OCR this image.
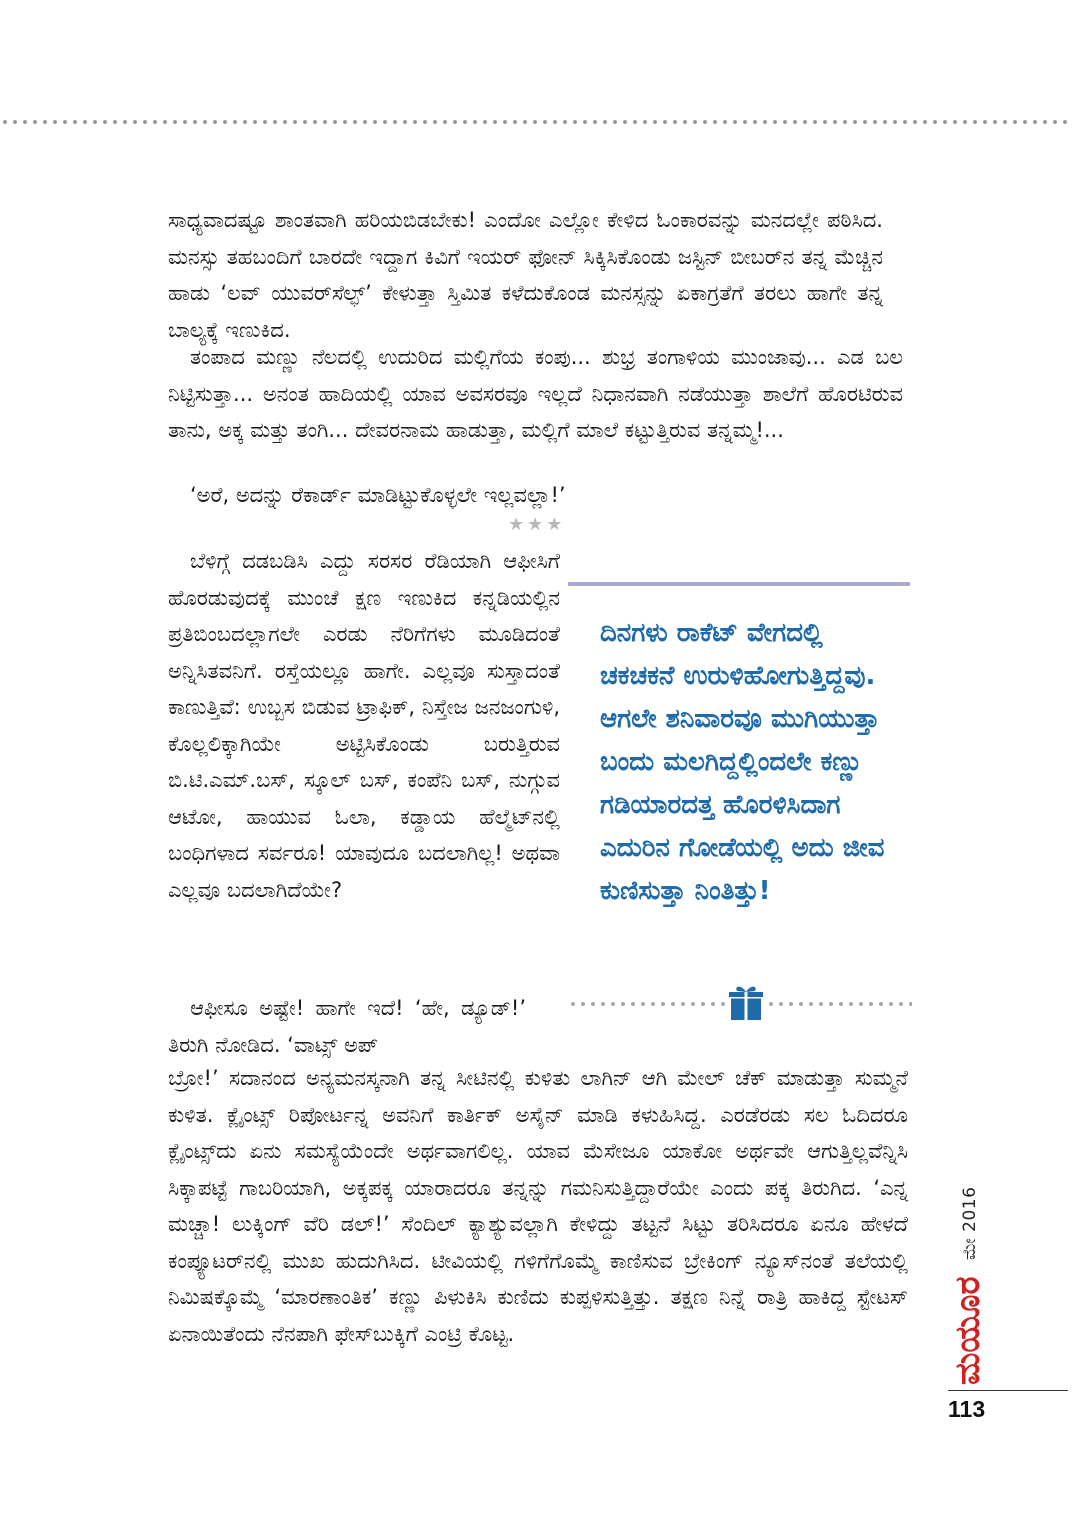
ಸಾಧ್ಯವಾದಷ್ಟೂ ಶಾಂತವಾಗಿ ಹರಿಯಬಿಡಬೇಕು! ಎಂದೋ ಎಲ್ಲೋ ಕೇಳಿದ ಓಂಕಾರವನ್ನು ಮನದಲ್ಲೇ ಪಠಿಸಿದ. ಮನಸ್ಸು ತಹಬಂದಿಗೆ ಬಾರದೇ ಇದ್ದಾಗ ಕಿವಿಗೆ ಇಯರ್ ಫೋನ್ ಸಿಕ್ಕಿಸಿಕೊಂಡು ಜಸ್ಟಿನ್ ಬೀಬರ್‌ನ ತನ್ನ ಮೆಚ್ಚಿನ ಹಾಡು ‘ಲವ್ ಯುವರ್‌ಸೆಲ್ಫ್’ ಕೇಳುತ್ತಾ ಸ್ತಿಮಿತ ಕಳೆದುಕೊಂಡ ಮನಸ್ಸನ್ನು ಏಕಾಗ್ರತೆಗೆ ತರಲು ಹಾಗೇ ತನ್ನ ಬಾಲ್ಯಕ್ಕೆ ಇಣುಕಿದ.

ತಂಪಾದ ಮಣ್ಣು ನೆಲದಲ್ಲಿ ಉದುರಿದ ಮಲ್ಲಿಗೆಯ ಕಂಪು... ಶುಭ್ರ ತಂಗಾಳಿಯ ಮುಂಜಾವು... ಎಡ ಬಲ ನಿಟ್ಟಿಸುತ್ತಾ... ಅನಂತ ಹಾದಿಯಲ್ಲಿ ಯಾವ ಅವಸರವೂ ಇಲ್ಲದೆ ನಿಧಾನವಾಗಿ ನಡೆಯುತ್ತಾ ಶಾಲೆಗೆ ಹೊರಟಿರುವ ತಾನು, ಅಕ್ಕ ಮತ್ತು ತಂಗಿ... ದೇವರನಾಮ ಹಾಡುತ್ತಾ, ಮಲ್ಲಿಗೆ ಮಾಲೆ ಕಟ್ಟುತ್ತಿರುವ ತನ್ನಮ್ಮ!...

‘ಅರೆ, ಅದನ್ನು ರೆಕಾರ್ಡ್ ಮಾಡಿಟ್ಟುಕೊಳ್ಳಲೇ ಇಲ್ಲವಲ್ಲಾ!’

★★★

ಬೆಳಿಗ್ಗೆ ದಡಬಡಿಸಿ ಎದ್ದು ಸರಸರ ರೆಡಿಯಾಗಿ ಆಫೀಸಿಗೆ ಹೊರಡುವುದಕ್ಕೆ ಮುಂಚೆ ಕ್ಷಣ ಇಣುಕಿದ ಕನ್ನಡಿಯಲ್ಲಿನ ಪ್ರತಿಬಿಂಬದಲ್ಲಾಗಲೇ ಎರಡು ನೆರಿಗೆಗಳು ಮೂಡಿದಂತೆ ಅನ್ನಿಸಿತವನಿಗೆ. ರಸ್ತೆಯಲ್ಲೂ ಹಾಗೇ. ಎಲ್ಲವೂ ಸುಸ್ತಾದಂತೆ ಕಾಣುತ್ತಿವೆ: ಉಬ್ಬಸ ಬಿಡುವ ಟ್ರಾಫಿಕ್, ನಿಸ್ತೇಜ ಜನಜಂಗುಳಿ, ಕೊಲ್ಲಲಿಕ್ಕಾಗಿಯೇ ಅಟ್ಟಿಸಿಕೊಂಡು ಬರುತ್ತಿರುವ ಬಿ.ಟಿ.ಎಮ್.ಬಸ್, ಸ್ಕೂಲ್ ಬಸ್, ಕಂಪೆನಿ ಬಸ್, ನುಗ್ಗುವ ಆಟೋ, ಹಾಯುವ ಓಲಾ, ಕಡ್ಡಾಯ ಹೆಲ್ಮೆಟ್‌ನಲ್ಲಿ ಬಂಧಿಗಳಾದ ಸರ್ವರೂ! ಯಾವುದೂ ಬದಲಾಗಿಲ್ಲ! ಅಥವಾ ಎಲ್ಲವೂ ಬದಲಾಗಿದೆಯೇ?

ಆಫೀಸೂ ಅಷ್ಟೇ! ಹಾಗೇ ಇದೆ! ‘ಹೇ, ಡ್ಯೂಡ್!’ ತಿರುಗಿ ನೋಡಿದ. ‘ವಾಟ್ಸ್ ಅಪ್

ಬ್ರೋ!’ ಸದಾನಂದ ಅನ್ಯಮನಸ್ಕನಾಗಿ ತನ್ನ ಸೀಟಿನಲ್ಲಿ ಕುಳಿತು ಲಾಗಿನ್ ಆಗಿ ಮೇಲ್ ಚೆಕ್ ಮಾಡುತ್ತಾ ಸುಮ್ಮನೆ ಕುಳಿತ. ಕ್ಲೈಂಟ್ಸ್ ರಿಪೋರ್ಟನ್ನ ಅವನಿಗೆ ಕಾರ್ತಿಕ್ ಅಸೈನ್ ಮಾಡಿ ಕಳುಹಿಸಿದ್ದ. ಎರಡೆರಡು ಸಲ ಓದಿದರೂ ಕ್ಲೈಂಟ್ಸ್‌ದು ಏನು ಸಮಸ್ಯೆಯೆಂದೇ ಅರ್ಥವಾಗಲಿಲ್ಲ. ಯಾವ ಮೆಸೇಜೂ ಯಾಕೋ ಅರ್ಥವೇ ಆಗುತ್ತಿಲ್ಲವೆನ್ನಿಸಿ ಸಿಕ್ಕಾಪಟ್ಟೆ ಗಾಬರಿಯಾಗಿ, ಅಕ್ಕಪಕ್ಕ ಯಾರಾದರೂ ತನ್ನನ್ನು ಗಮನಿಸುತ್ತಿದ್ದಾರೆಯೇ ಎಂದು ಪಕ್ಕ ತಿರುಗಿದ. ‘ಎನ್ನ ಮಚ್ಚಾ! ಲುಕ್ಕಿಂಗ್ ವೆರಿ ಡಲ್!’ ಸೆಂದಿಲ್ ಕ್ಯಾಶ್ಯುವಲ್ಲಾಗಿ ಕೇಳಿದ್ದು ತಟ್ಟನೆ ಸಿಟ್ಟು ತರಿಸಿದರೂ ಏನೂ ಹೇಳದೆ ಕಂಪ್ಯೂಟರ್‌ನಲ್ಲಿ ಮುಖ ಹುದುಗಿಸಿದ. ಟೀವಿಯಲ್ಲಿ ಗಳಿಗೆಗೊಮ್ಮೆ ಕಾಣಿಸುವ ಬ್ರೇಕಿಂಗ್ ನ್ಯೂಸ್‌ನಂತೆ ತಲೆಯಲ್ಲಿ ನಿಮಿಷಕ್ಕೊಮ್ಮೆ ‘ಮಾರಣಾಂತಿಕ’ ಕಣ್ಣು ಪಿಳುಕಿಸಿ ಕುಣಿದು ಕುಪ್ಪಳಿಸುತ್ತಿತ್ತು. ತಕ್ಷಣ ನಿನ್ನೆ ರಾತ್ರಿ ಹಾಕಿದ್ದ ಸ್ಟೇಟಸ್ ಏನಾಯಿತೆಂದು ನೆನಪಾಗಿ ಫೇಸ್‌ಬುಕ್ಕಿಗೆ ಎಂಟ್ರಿ ಕೊಟ್ಟ.

ದಿನಗಳು ರಾಕೆಟ್ ವೇಗದಲ್ಲಿ ಚಕಚಕನೆ ಉರುಳಿಹೋಗುತ್ತಿದ್ದವು. ಆಗಲೇ ಶನಿವಾರವೂ ಮುಗಿಯುತ್ತಾ ಬಂದು ಮಲಗಿದ್ದಲ್ಲಿಂದಲೇ ಕಣ್ಣು ಗಡಿಯಾರದತ್ತ ಹೊರಳಿಸಿದಾಗ ಎದುರಿನ ಗೋಡೆಯಲ್ಲಿ ಅದು ಜೀವ ಕುಣಿಸುತ್ತಾ ನಿಂತಿತ್ತು!

ಮೇ 2016
ಮಯೂರ
113
